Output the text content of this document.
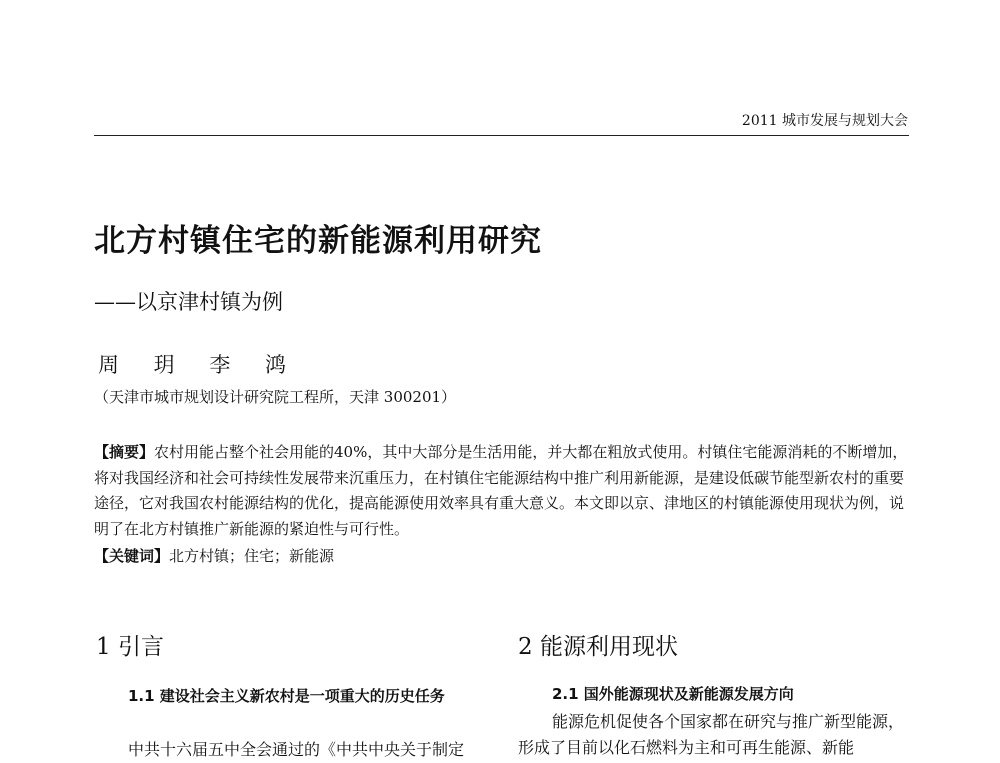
2011 城市发展与规划大会
北方村镇住宅的新能源利用研究
——以京津村镇为例
周 玥 李 鸿
（天津市城市规划设计研究院工程所，天津 300201）
【摘要】农村用能占整个社会用能的40%，其中大部分是生活用能，并大都在粗放式使用。村镇住宅能源消耗的不断增加，将对我国经济和社会可持续性发展带来沉重压力，在村镇住宅能源结构中推广利用新能源，是建设低碳节能型新农村的重要途径，它对我国农村能源结构的优化，提高能源使用效率具有重大意义。本文即以京、津地区的村镇能源使用现状为例，说明了在北方村镇推广新能源的紧迫性与可行性。
【关键词】北方村镇；住宅；新能源
1 引言
1.1 建设社会主义新农村是一项重大的历史任务
中共十六届五中全会通过的《中共中央关于制定
2 能源利用现状
2.1 国外能源现状及新能源发展方向
能源危机促使各个国家都在研究与推广新型能源，形成了目前以化石燃料为主和可再生能源、新能
